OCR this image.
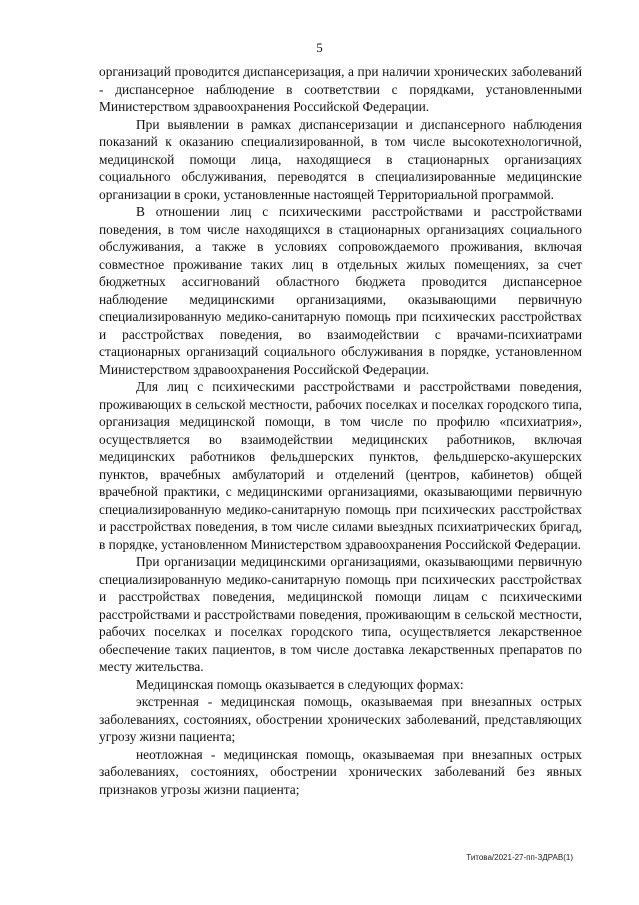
5

организаций проводится диспансеризация, а при наличии хронических заболеваний - диспансерное наблюдение в соответствии с порядками, установленными Министерством здравоохранения Российской Федерации.

При выявлении в рамках диспансеризации и диспансерного наблюдения показаний к оказанию специализированной, в том числе высокотехнологичной, медицинской помощи лица, находящиеся в стационарных организациях социального обслуживания, переводятся в специализированные медицинские организации в сроки, установленные настоящей Территориальной программой.

В отношении лиц с психическими расстройствами и расстройствами поведения, в том числе находящихся в стационарных организациях социального обслуживания, а также в условиях сопровождаемого проживания, включая совместное проживание таких лиц в отдельных жилых помещениях, за счет бюджетных ассигнований областного бюджета проводится диспансерное наблюдение медицинскими организациями, оказывающими первичную специализированную медико-санитарную помощь при психических расстройствах и расстройствах поведения, во взаимодействии с врачами-психиатрами стационарных организаций социального обслуживания в порядке, установленном Министерством здравоохранения Российской Федерации.

Для лиц с психическими расстройствами и расстройствами поведения, проживающих в сельской местности, рабочих поселках и поселках городского типа, организация медицинской помощи, в том числе по профилю «психиатрия», осуществляется во взаимодействии медицинских работников, включая медицинских работников фельдшерских пунктов, фельдшерско-акушерских пунктов, врачебных амбулаторий и отделений (центров, кабинетов) общей врачебной практики, с медицинскими организациями, оказывающими первичную специализированную медико-санитарную помощь при психических расстройствах и расстройствах поведения, в том числе силами выездных психиатрических бригад, в порядке, установленном Министерством здравоохранения Российской Федерации.

При организации медицинскими организациями, оказывающими первичную специализированную медико-санитарную помощь при психических расстройствах и расстройствах поведения, медицинской помощи лицам с психическими расстройствами и расстройствами поведения, проживающим в сельской местности, рабочих поселках и поселках городского типа, осуществляется лекарственное обеспечение таких пациентов, в том числе доставка лекарственных препаратов по месту жительства.

Медицинская помощь оказывается в следующих формах:

экстренная - медицинская помощь, оказываемая при внезапных острых заболеваниях, состояниях, обострении хронических заболеваний, представляющих угрозу жизни пациента;

неотложная - медицинская помощь, оказываемая при внезапных острых заболеваниях, состояниях, обострении хронических заболеваний без явных признаков угрозы жизни пациента;

Титова/2021-27-пп-ЗДРАВ(1)
